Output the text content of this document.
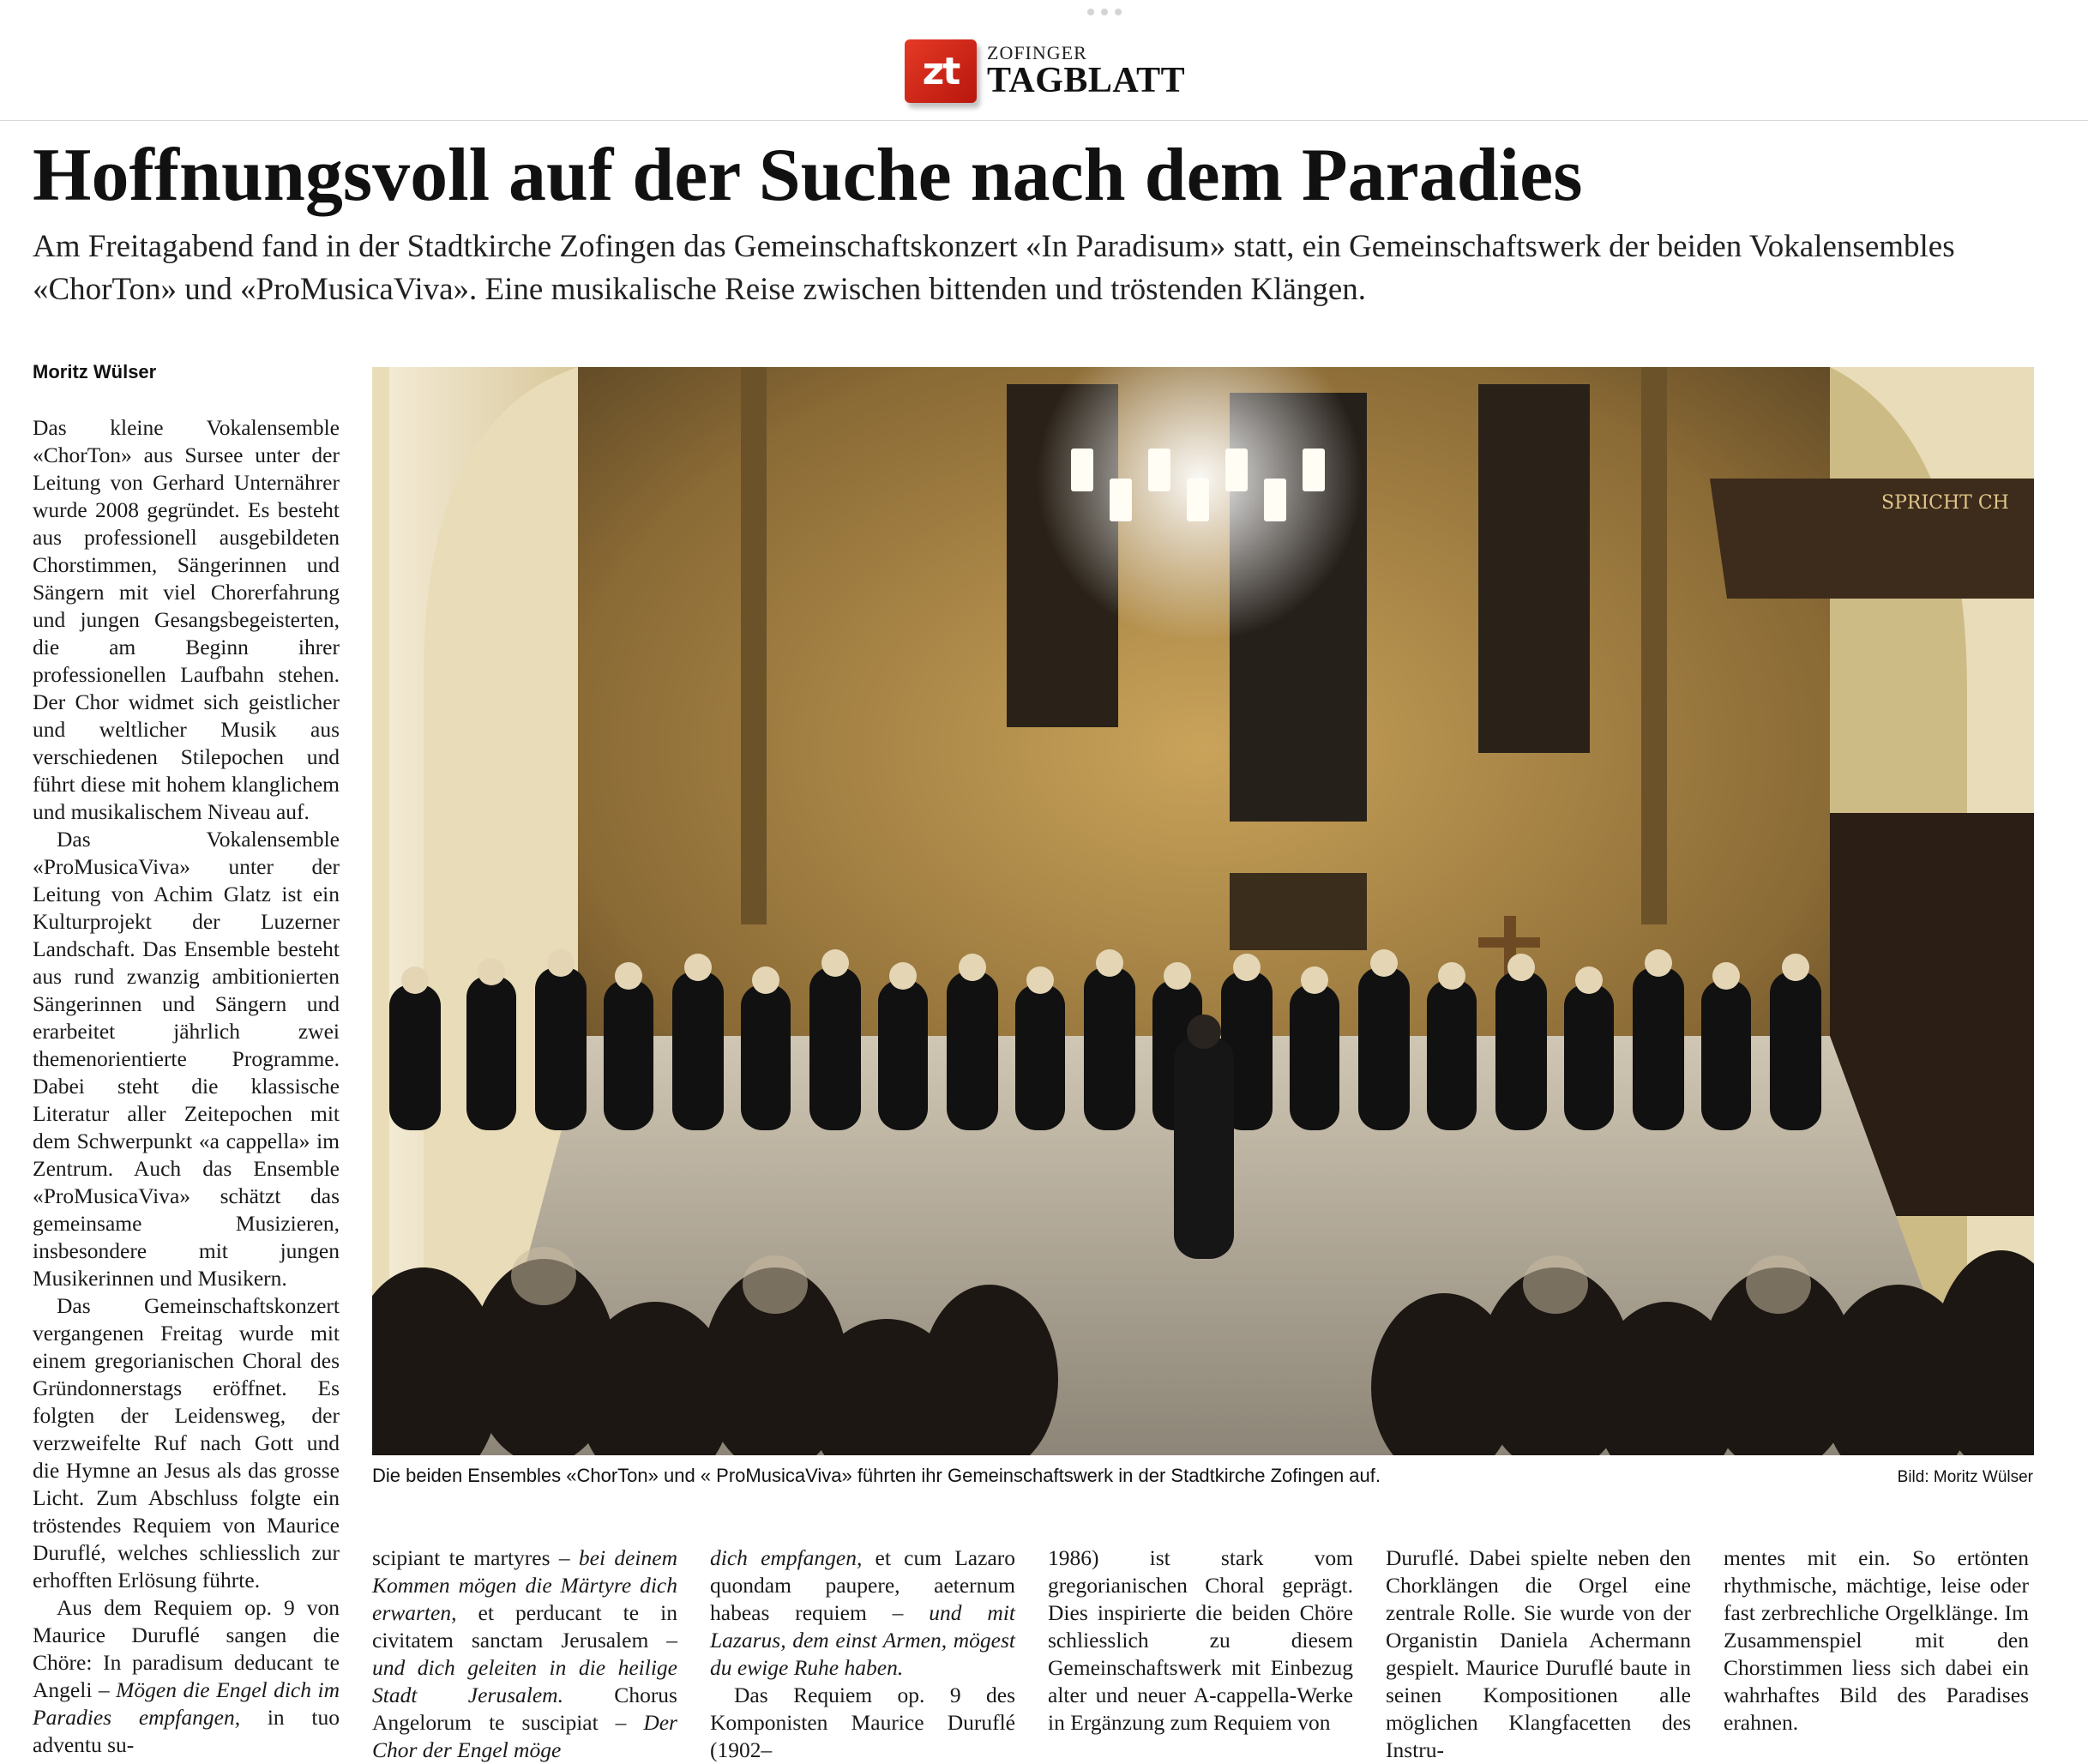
zt	ZOFINGER
TAGBLATT
Hoffnungsvoll auf der Suche nach dem Paradies

Am Freitagabend fand in der Stadtkirche Zofingen das Gemeinschaftskonzert «In Paradisum» statt, ein Gemeinschaftswerk der beiden Vokalensembles «ChorTon» und «ProMusicaViva». Eine musikalische Reise zwischen bittenden und tröstenden Klängen.

Moritz Wülser

Das kleine Vokalensemble «ChorTon» aus Sursee unter der Leitung von Gerhard Unternährer wurde 2008 gegründet. Es besteht aus professionell ausgebildeten Chorstimmen, Sängerinnen und Sängern mit viel Chorerfahrung und jungen Gesangsbegeisterten, die am Beginn ihrer professionellen Laufbahn stehen. Der Chor widmet sich geistlicher und weltlicher Musik aus verschiedenen Stilepochen und führt diese mit hohem klanglichem und musikalischem Niveau auf.

Das Vokalensemble «ProMusicaViva» unter der Leitung von Achim Glatz ist ein Kulturprojekt der Luzerner Landschaft. Das Ensemble besteht aus rund zwanzig ambitionierten Sängerinnen und Sängern und erarbeitet jährlich zwei themenorientierte Programme. Dabei steht die klassische Literatur aller Zeitepochen mit dem Schwerpunkt «a cappella» im Zentrum. Auch das Ensemble «ProMusicaViva» schätzt das gemeinsame Musizieren, insbesondere mit jungen Musikerinnen und Musikern.

Das Gemeinschaftskonzert vergangenen Freitag wurde mit einem gregorianischen Choral des Gründonnerstags eröffnet. Es folgten der Leidensweg, der verzweifelte Ruf nach Gott und die Hymne an Jesus als das grosse Licht. Zum Abschluss folgte ein tröstendes Requiem von Maurice Duruflé, welches schliesslich zur erhofften Erlösung führte.

Aus dem Requiem op. 9 von Maurice Duruflé sangen die Chöre: In paradisum deducant te Angeli – Mögen die Engel dich im Paradies empfangen, in tuo adventu su-

SPRICHT CH

Die beiden Ensembles «ChorTon» und « ProMusicaViva» führten ihr Gemeinschaftswerk in der Stadtkirche Zofingen auf.	Bild: Moritz Wülser

scipiant te martyres – bei deinem Kommen mögen die Märtyre dich erwarten, et perducant te in civitatem sanctam Jerusalem – und dich geleiten in die heilige Stadt Jerusalem. Chorus Angelorum te suscipiat – Der Chor der Engel möge

dich empfangen, et cum Lazaro quondam paupere, aeternum habeas requiem – und mit Lazarus, dem einst Armen, mögest du ewige Ruhe haben.

Das Requiem op. 9 des Komponisten Maurice Duruflé (1902–

1986) ist stark vom gregorianischen Choral geprägt. Dies inspirierte die beiden Chöre schliesslich zu diesem Gemeinschaftswerk mit Einbezug alter und neuer A-cappella-Werke in Ergänzung zum Requiem von

Duruflé. Dabei spielte neben den Chorklängen die Orgel eine zentrale Rolle. Sie wurde von der Organistin Daniela Achermann gespielt. Maurice Duruflé baute in seinen Kompositionen alle möglichen Klangfacetten des Instru-

mentes mit ein. So ertönten rhythmische, mächtige, leise oder fast zerbrechliche Orgelklänge. Im Zusammenspiel mit den Chorstimmen liess sich dabei ein wahrhaftes Bild des Paradises erahnen.
